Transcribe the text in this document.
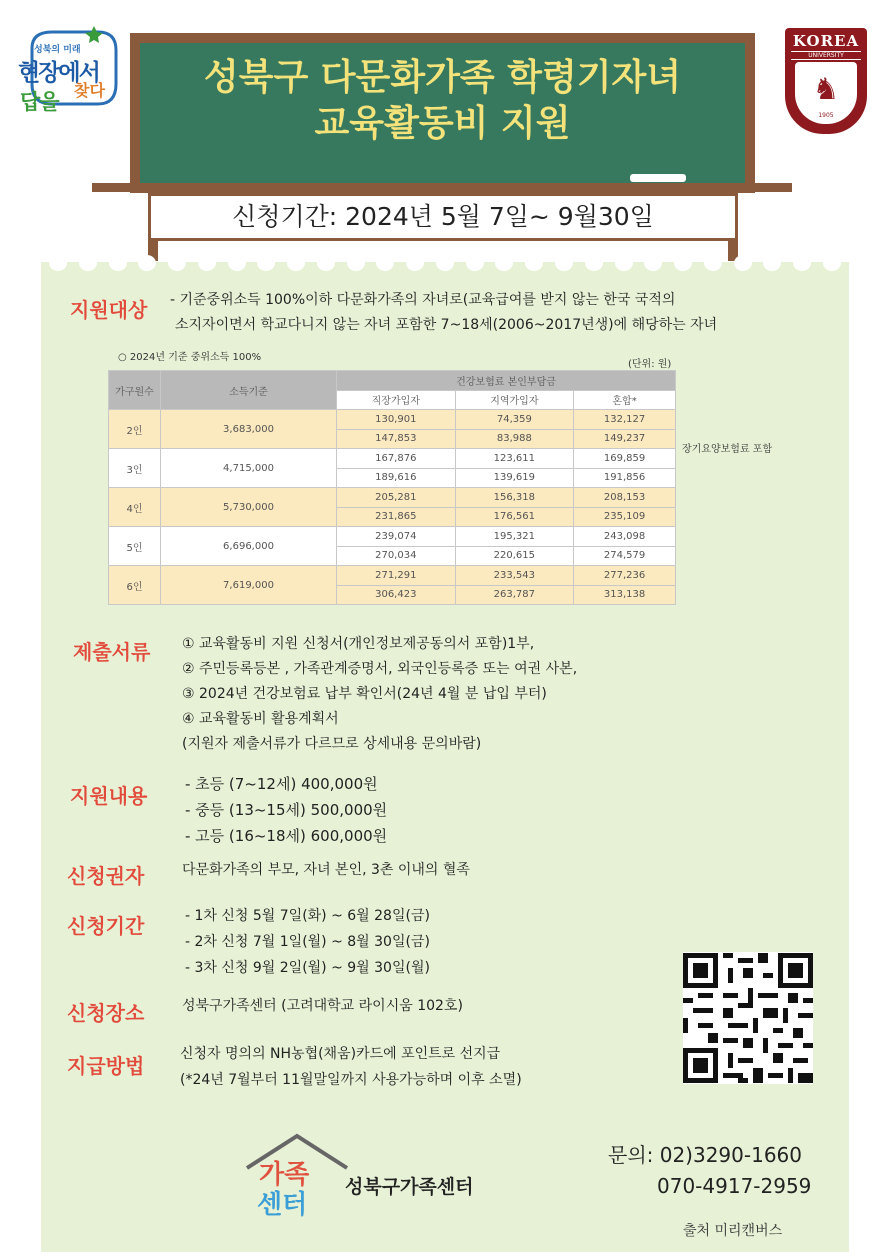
성북의 미래
현장에서
답을 찾다
KOREA
UNIVERSITY
♞
1905
성북구 다문화가족 학령기자녀
교육활동비 지원
신청기간: 2024년 5월 7일~ 9월30일
지원대상 - 기준중위소득 100%이하 다문화가족의 자녀로(교육급여를 받지 않는 한국 국적의
소지자이면서 학교다니지 않는 자녀 포함한 7~18세(2006~2017년생)에 해당하는 자녀
○ 2024년 기준 중위소득 100%
(단위: 원)
장기요양보험료 포함
가구원수	소득기준	건강보험료 본인부담금		
		직장가입자	지역가입자	혼합*
2인	3,683,000	130,901	74,359	132,127
		147,853	83,988	149,237
3인	4,715,000	167,876	123,611	169,859
		189,616	139,619	191,856
4인	5,730,000	205,281	156,318	208,153
		231,865	176,561	235,109
5인	6,696,000	239,074	195,321	243,098
		270,034	220,615	274,579
6인	7,619,000	271,291	233,543	277,236
		306,423	263,787	313,138
제출서류 ① 교육활동비 지원 신청서(개인정보제공동의서 포함)1부,
② 주민등록등본 , 가족관계증명서, 외국인등록증 또는 여권 사본,
③ 2024년 건강보험료 납부 확인서(24년 4월 분 납입 부터)
④ 교육활동비 활용계획서
(지원자 제출서류가 다르므로 상세내용 문의바람)
지원내용	- 초등 (7~12세) 400,000원
- 중등 (13~15세) 500,000원
- 고등 (16~18세) 600,000원
신청권자	다문화가족의 부모, 자녀 본인, 3촌 이내의 혈족
신청기간	- 1차 신청 5월 7일(화) ~ 6월 28일(금)
- 2차 신청 7월 1일(월) ~ 8월 30일(금)
- 3차 신청 9월 2일(월) ~ 9월 30일(월)
신청장소	성북구가족센터 (고려대학교 라이시움 102호)
지급방법	신청자 명의의 NH농협(채움)카드에 포인트로 선지급
(*24년 7월부터 11월말일까지 사용가능하며 이후 소멸)
가족
센터
성북구가족센터
문의: 02)3290-1660
070-4917-2959
출처 미리캔버스
